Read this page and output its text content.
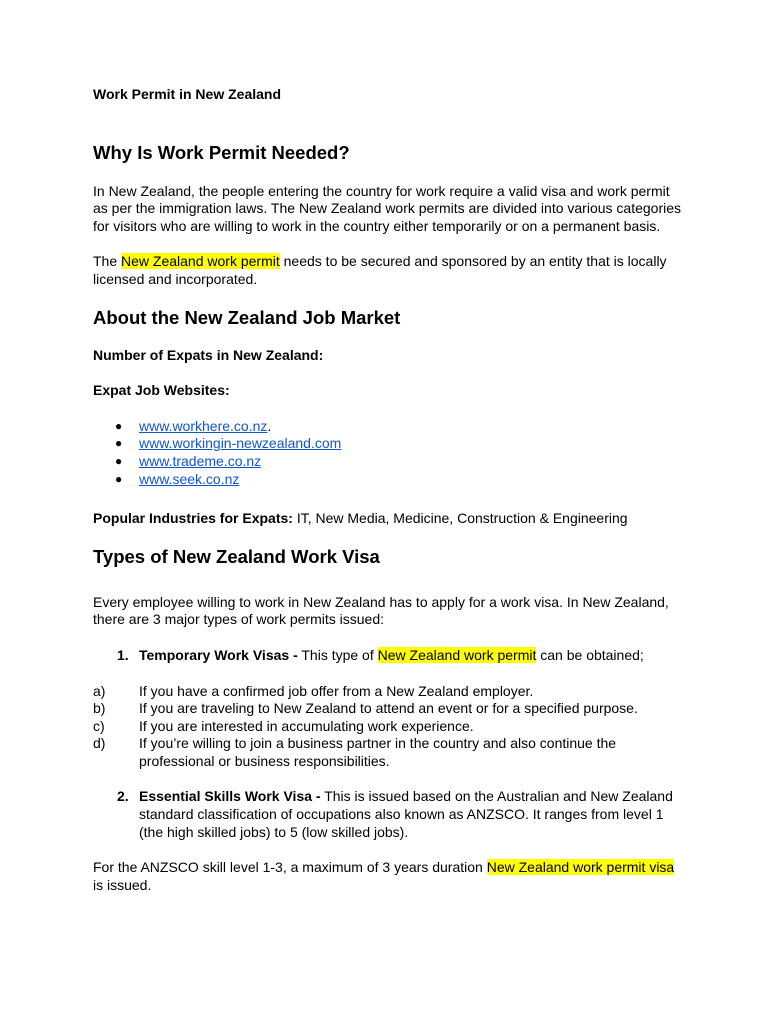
Work Permit in New Zealand

Why Is Work Permit Needed?

In New Zealand, the people entering the country for work require a valid visa and work permit as per the immigration laws. The New Zealand work permits are divided into various categories for visitors who are willing to work in the country either temporarily or on a permanent basis.

The New Zealand work permit needs to be secured and sponsored by an entity that is locally licensed and incorporated.

About the New Zealand Job Market

Number of Expats in New Zealand:

Expat Job Websites:

● www.workhere.co.nz.
● www.workingin-newzealand.com
● www.trademe.co.nz
● www.seek.co.nz

Popular Industries for Expats: IT, New Media, Medicine, Construction & Engineering

Types of New Zealand Work Visa

Every employee willing to work in New Zealand has to apply for a work visa. In New Zealand, there are 3 major types of work permits issued:

1. Temporary Work Visas - This type of New Zealand work permit can be obtained;
a) If you have a confirmed job offer from a New Zealand employer.
b) If you are traveling to New Zealand to attend an event or for a specified purpose.
c) If you are interested in accumulating work experience.
d) If you’re willing to join a business partner in the country and also continue the professional or business responsibilities.
2. Essential Skills Work Visa - This is issued based on the Australian and New Zealand standard classification of occupations also known as ANZSCO. It ranges from level 1 (the high skilled jobs) to 5 (low skilled jobs).

For the ANZSCO skill level 1-3, a maximum of 3 years duration New Zealand work permit visa is issued.
